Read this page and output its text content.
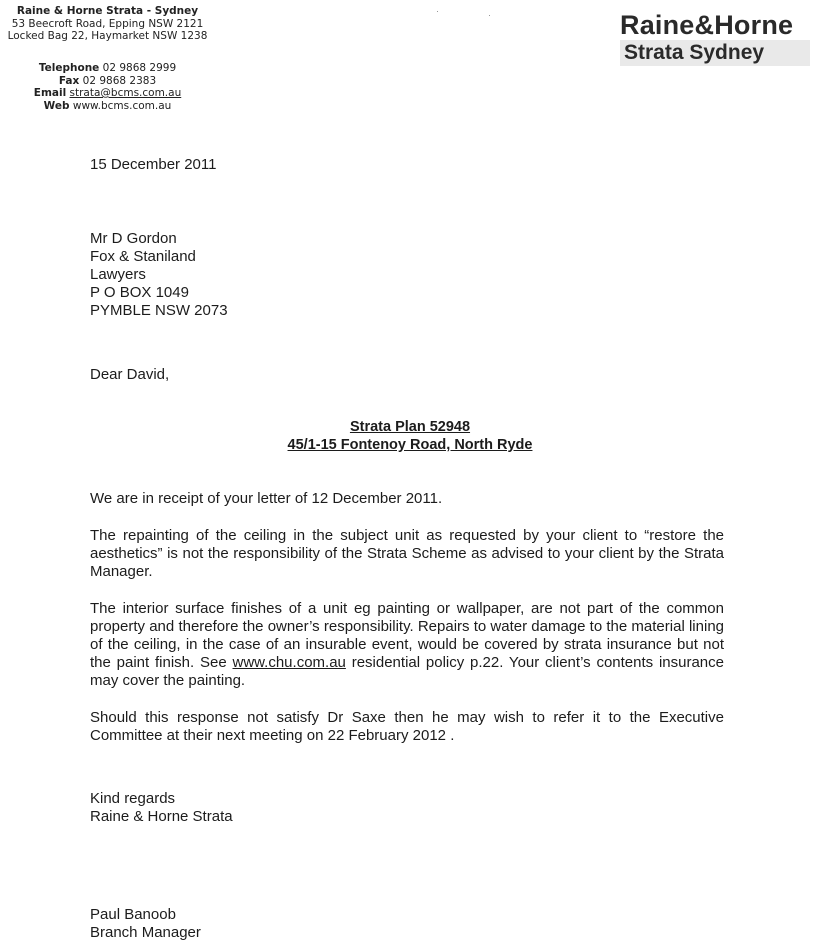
Raine & Horne Strata - Sydney
53 Beecroft Road, Epping NSW 2121
Locked Bag 22, Haymarket NSW 1238
Telephone 02 9868 2999
Fax 02 9868 2383
Email strata@bcms.com.au
Web www.bcms.com.au
·	·	Raine&Horne
Strata Sydney
15 December 2011
Mr D Gordon
Fox & Staniland
Lawyers
P O BOX 1049
PYMBLE NSW 2073
Dear David,
Strata Plan 52948
45/1-15 Fontenoy Road, North Ryde

We are in receipt of your letter of 12 December 2011.

The repainting of the ceiling in the subject unit as requested by your client to “restore the aesthetics” is not the responsibility of the Strata Scheme as advised to your client by the Strata Manager.

The interior surface finishes of a unit eg painting or wallpaper, are not part of the common property and therefore the owner’s responsibility. Repairs to water damage to the material lining of the ceiling, in the case of an insurable event, would be covered by strata insurance but not the paint finish. See www.chu.com.au residential policy p.22. Your client’s contents insurance may cover the painting.

Should this response not satisfy Dr Saxe then he may wish to refer it to the Executive Committee at their next meeting on 22 February 2012 .

Kind regards
Raine & Horne Strata
Paul Banoob
Branch Manager
